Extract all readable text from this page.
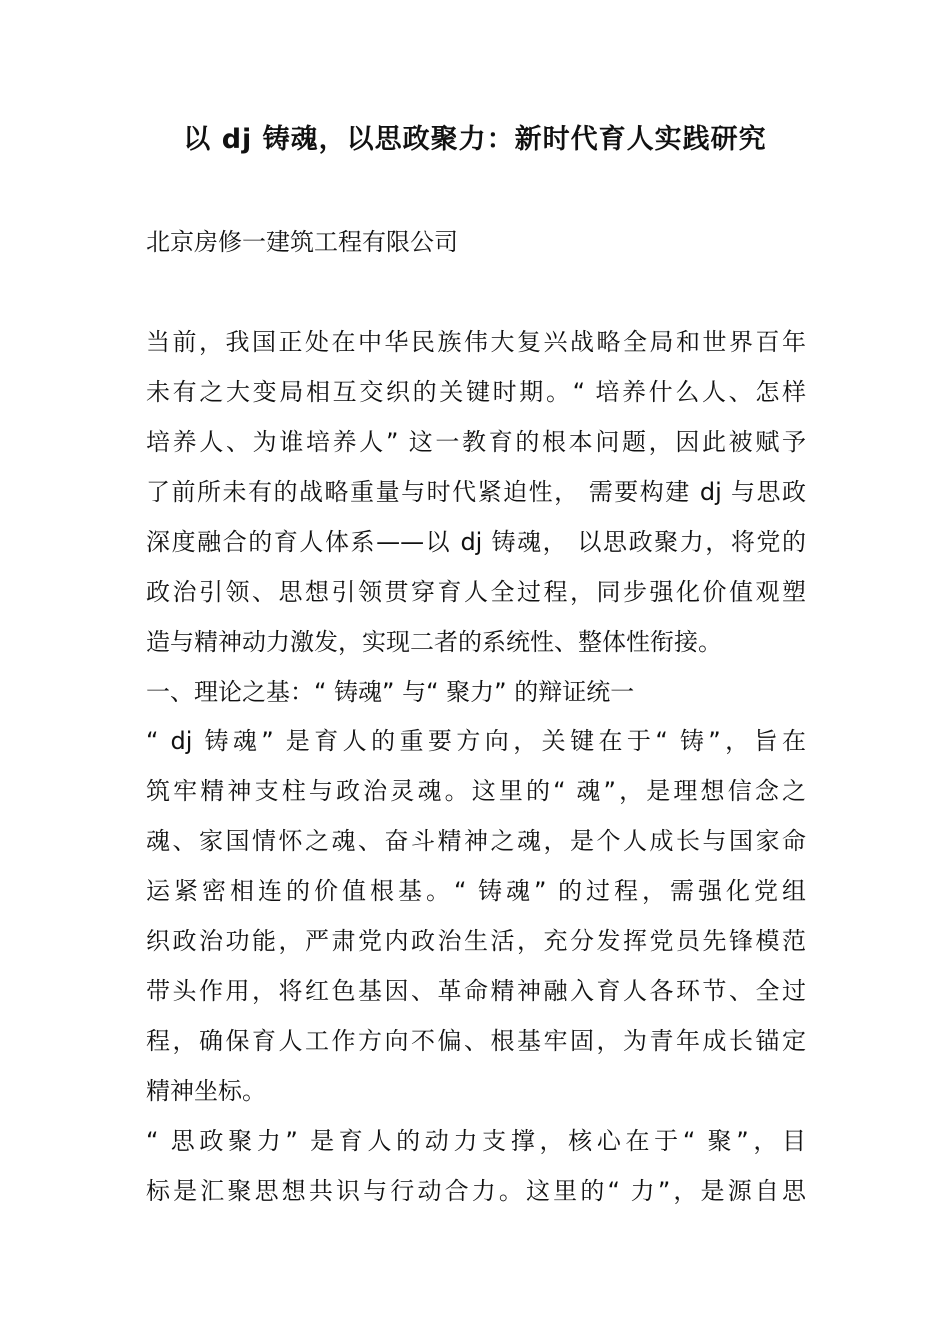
以 dj 铸魂，以思政聚力：新时代育人实践研究
北京房修一建筑工程有限公司
当前，我国正处在中华民族伟大复兴战略全局和世界百年
未有之大变局相互交织的关键时期。“ 培养什么人、怎样
培养人、为谁培养人” 这一教育的根本问题，因此被赋予
了前所未有的战略重量与时代紧迫性， 需要构建 dj 与思政
深度融合的育人体系——以 dj 铸魂， 以思政聚力，将党的
政治引领、思想引领贯穿育人全过程，同步强化价值观塑
造与精神动力激发，实现二者的系统性、整体性衔接。
一、理论之基：“ 铸魂” 与“ 聚力” 的辩证统一
“ dj 铸魂” 是育人的重要方向，关键在于“ 铸”，旨在
筑牢精神支柱与政治灵魂。这里的“ 魂”，是理想信念之
魂、家国情怀之魂、奋斗精神之魂，是个人成长与国家命
运紧密相连的价值根基。“ 铸魂” 的过程，需强化党组
织政治功能，严肃党内政治生活，充分发挥党员先锋模范
带头作用，将红色基因、革命精神融入育人各环节、全过
程，确保育人工作方向不偏、根基牢固，为青年成长锚定
精神坐标。
“ 思政聚力” 是育人的动力支撑，核心在于“ 聚”，目
标是汇聚思想共识与行动合力。这里的“ 力”，是源自思
